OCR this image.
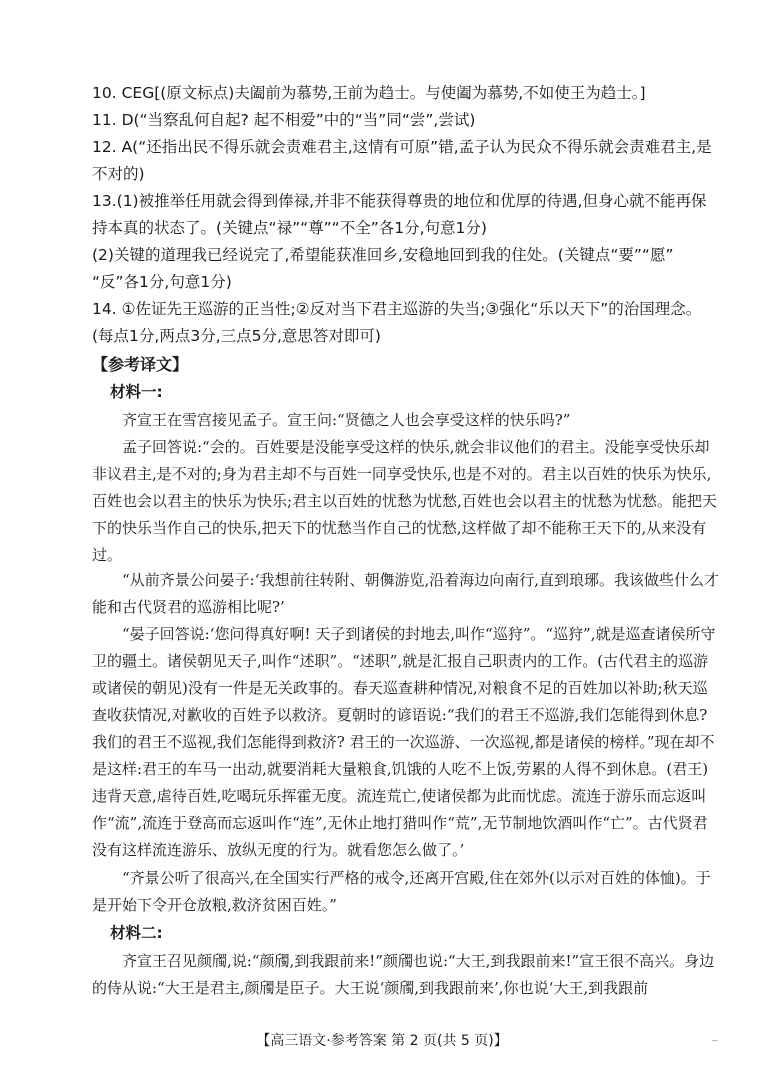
10. CEG[(原文标点)夫阖前为慕势,王前为趋士。与使阖为慕势,不如使王为趋士。]
11. D(“当察乱何自起? 起不相爱”中的“当”同“尝”,尝试)
12. A(“还指出民不得乐就会责难君主,这情有可原”错,孟子认为民众不得乐就会责难君主,是
不对的)
13.(1)被推举任用就会得到俸禄,并非不能获得尊贵的地位和优厚的待遇,但身心就不能再保
持本真的状态了。(关键点“禄”“尊”“不全”各1分,句意1分)
(2)关键的道理我已经说完了,希望能获准回乡,安稳地回到我的住处。(关键点“要”“愿”
“反”各1分,句意1分)
14. ①佐证先王巡游的正当性;②反对当下君主巡游的失当;③强化“乐以天下”的治国理念。
(每点1分,两点3分,三点5分,意思答对即可)
【参考译文】
材料一:
齐宣王在雪宫接见孟子。宣王问:“贤德之人也会享受这样的快乐吗?”
孟子回答说:“会的。百姓要是没能享受这样的快乐,就会非议他们的君主。没能享受快乐却非议君主,是不对的;身为君主却不与百姓一同享受快乐,也是不对的。君主以百姓的快乐为快乐,百姓也会以君主的快乐为快乐;君主以百姓的忧愁为忧愁,百姓也会以君主的忧愁为忧愁。能把天下的快乐当作自己的快乐,把天下的忧愁当作自己的忧愁,这样做了却不能称王天下的,从来没有过。
“从前齐景公问晏子:‘我想前往转附、朝儛游览,沿着海边向南行,直到琅琊。我该做些什么才能和古代贤君的巡游相比呢?’
“晏子回答说:‘您问得真好啊! 天子到诸侯的封地去,叫作“巡狩”。“巡狩”,就是巡查诸侯所守卫的疆土。诸侯朝见天子,叫作“述职”。“述职”,就是汇报自己职责内的工作。(古代君主的巡游或诸侯的朝见)没有一件是无关政事的。春天巡查耕种情况,对粮食不足的百姓加以补助;秋天巡查收获情况,对歉收的百姓予以救济。夏朝时的谚语说:“我们的君王不巡游,我们怎能得到休息? 我们的君王不巡视,我们怎能得到救济? 君王的一次巡游、一次巡视,都是诸侯的榜样。”现在却不是这样:君王的车马一出动,就要消耗大量粮食,饥饿的人吃不上饭,劳累的人得不到休息。(君王)违背天意,虐待百姓,吃喝玩乐挥霍无度。流连荒亡,使诸侯都为此而忧虑。流连于游乐而忘返叫作“流”,流连于登高而忘返叫作“连”,无休止地打猎叫作“荒”,无节制地饮酒叫作“亡”。古代贤君没有这样流连游乐、放纵无度的行为。就看您怎么做了。’
“齐景公听了很高兴,在全国实行严格的戒令,还离开宫殿,住在郊外(以示对百姓的体恤)。于是开始下令开仓放粮,救济贫困百姓。”
材料二:
齐宣王召见颜斶,说:“颜斶,到我跟前来!”颜斶也说:“大王,到我跟前来!”宣王很不高兴。身边的侍从说:“大王是君主,颜斶是臣子。大王说‘颜斶,到我跟前来’,你也说‘大王,到我跟前
【高三语文·参考答案 第 2 页(共 5 页)】
